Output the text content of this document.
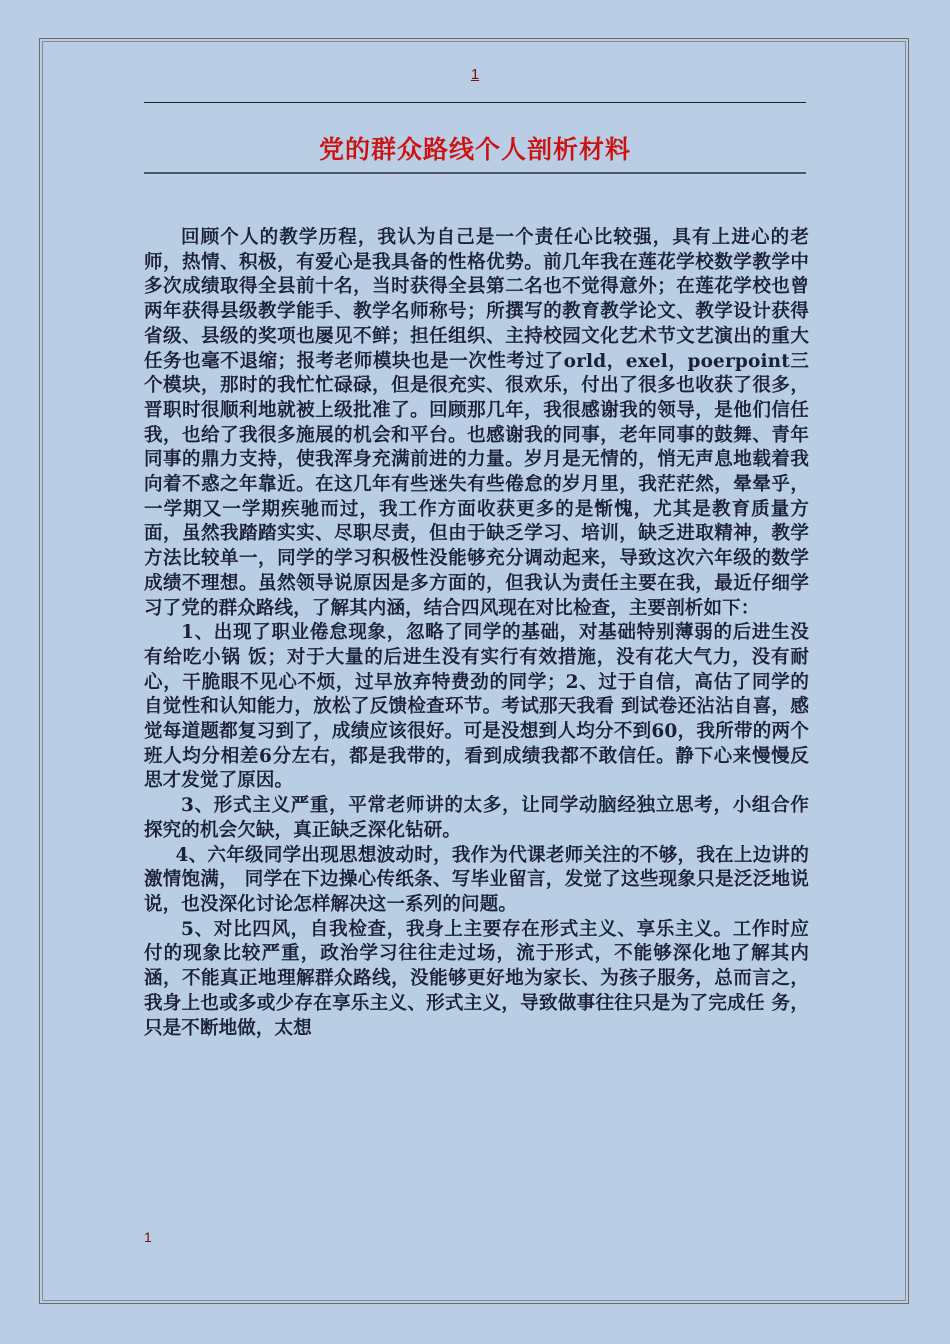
1
党的群众路线个人剖析材料

回顾个人的教学历程，我认为自己是一个责任心比较强，具有上进心的老师，热情、积极，有爱心是我具备的性格优势。前几年我在莲花学校数学教学中多次成绩取得全县前十名，当时获得全县第二名也不觉得意外；在莲花学校也曾两年获得县级教学能手、教学名师称号；所撰写的教育教学论文、教学设计获得省级、县级的奖项也屡见不鲜；担任组织、主持校园文化艺术节文艺演出的重大任务也毫不退缩；报考老师模块也是一次性考过了orld，exel，poerpoint三个模块，那时的我忙忙碌碌，但是很充实、很欢乐，付出了很多也收获了很多，晋职时很顺利地就被上级批准了。回顾那几年，我很感谢我的领导，是他们信任我，也给了我很多施展的机会和平台。也感谢我的同事，老年同事的鼓舞、青年同事的鼎力支持，使我浑身充满前进的力量。岁月是无情的，悄无声息地载着我向着不惑之年靠近。在这几年有些迷失有些倦怠的岁月里，我茫茫然，晕晕乎，一学期又一学期疾驰而过，我工作方面收获更多的是惭愧，尤其是教育质量方面，虽然我踏踏实实、尽职尽责，但由于缺乏学习、培训，缺乏进取精神，教学方法比较单一，同学的学习积极性没能够充分调动起来，导致这次六年级的数学成绩不理想。虽然领导说原因是多方面的，但我认为责任主要在我，最近仔细学习了党的群众路线，了解其内涵，结合四风现在对比检查，主要剖析如下：

1、出现了职业倦怠现象，忽略了同学的基础，对基础特别薄弱的后进生没有给吃小锅 饭；对于大量的后进生没有实行有效措施，没有花大气力，没有耐心，干脆眼不见心不烦，过早放弃特费劲的同学；2、过于自信，高估了同学的自觉性和认知能力，放松了反馈检查环节。考试那天我看 到试卷还沾沾自喜，感觉每道题都复习到了，成绩应该很好。可是没想到人均分不到60，我所带的两个班人均分相差6分左右，都是我带的，看到成绩我都不敢信任。静下心来慢慢反思才发觉了原因。

3、形式主义严重，平常老师讲的太多，让同学动脑经独立思考，小组合作探究的机会欠缺，真正缺乏深化钻研。

4、六年级同学出现思想波动时，我作为代课老师关注的不够，我在上边讲的激情饱满， 同学在下边操心传纸条、写毕业留言，发觉了这些现象只是泛泛地说说，也没深化讨论怎样解决这一系列的问题。

5、对比四风，自我检查，我身上主要存在形式主义、享乐主义。工作时应付的现象比较严重，政治学习往往走过场，流于形式，不能够深化地了解其内 涵，不能真正地理解群众路线，没能够更好地为家长、为孩子服务，总而言之，我身上也或多或少存在享乐主义、形式主义，导致做事往往只是为了完成任 务，只是不断地做，太想

1
